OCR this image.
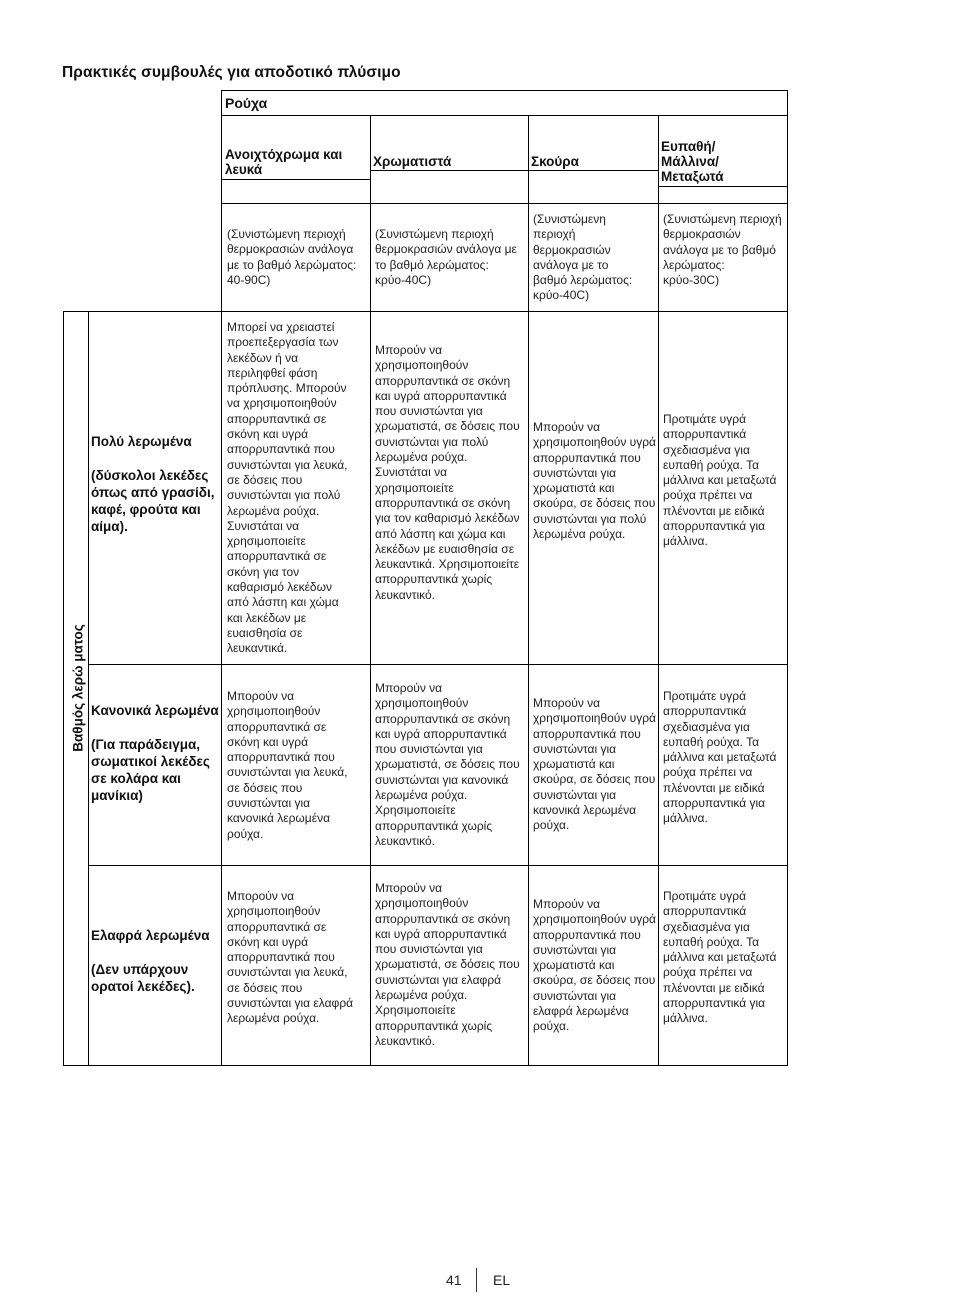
Πρακτικές συμβουλές για αποδοτικό πλύσιμο
Ρούχα
Ανοιχτόχρωμα και λευκά
Χρωματιστά	Σκούρα
Ευπαθή/ Μάλλινα/ Μεταξωτά
(Συνιστώμενη περιοχή θερμοκρασιών ανάλογα με το βαθμό λερώματος: 40-90C)
(Συνιστώμενη περιοχή θερμοκρασιών ανάλογα με το βαθμό λερώματος: κρύο-40C)
(Συνιστώμενη περιοχή θερμοκρασιών ανάλογα με το βαθμό λερώματος: κρύο-40C)
(Συνιστώμενη περιοχή θερμοκρασιών ανάλογα με το βαθμό λερώματος: κρύο-30C)
Βαθμός λερώ ματος
Πολύ λερωμένα
(δύσκολοι λεκέδες όπως από γρασίδι, καφέ, φρούτα και αίμα).
Μπορεί να χρειαστεί προεπεξεργασία των λεκέδων ή να περιληφθεί φάση πρόπλυσης. Μπορούν να χρησιμοποιηθούν απορρυπαντικά σε σκόνη και υγρά απορρυπαντικά που συνιστώνται για λευκά, σε δόσεις που συνιστώνται για πολύ λερωμένα ρούχα. Συνιστάται να χρησιμοποιείτε απορρυπαντικά σε σκόνη για τον καθαρισμό λεκέδων από λάσπη και χώμα και λεκέδων με ευαισθησία σε λευκαντικά.
Μπορούν να χρησιμοποιηθούν απορρυπαντικά σε σκόνη και υγρά απορρυπαντικά που συνιστώνται για χρωματιστά, σε δόσεις που συνιστώνται για πολύ λερωμένα ρούχα. Συνιστάται να χρησιμοποιείτε απορρυπαντικά σε σκόνη για τον καθαρισμό λεκέδων από λάσπη και χώμα και λεκέδων με ευαισθησία σε λευκαντικά. Χρησιμοποιείτε απορρυπαντικά χωρίς λευκαντικό.
Μπορούν να χρησιμοποιηθούν υγρά απορρυπαντικά που συνιστώνται για χρωματιστά και σκούρα, σε δόσεις που συνιστώνται για πολύ λερωμένα ρούχα.
Προτιμάτε υγρά απορρυπαντικά σχεδιασμένα για ευπαθή ρούχα. Τα μάλλινα και μεταξωτά ρούχα πρέπει να πλένονται με ειδικά απορρυπαντικά για μάλλινα.
Κανονικά λερωμένα
(Για παράδειγμα, σωματικοί λεκέδες σε κολάρα και μανίκια)
Μπορούν να χρησιμοποιηθούν απορρυπαντικά σε σκόνη και υγρά απορρυπαντικά που συνιστώνται για λευκά, σε δόσεις που συνιστώνται για κανονικά λερωμένα ρούχα.
Μπορούν να χρησιμοποιηθούν απορρυπαντικά σε σκόνη και υγρά απορρυπαντικά που συνιστώνται για χρωματιστά, σε δόσεις που συνιστώνται για κανονικά λερωμένα ρούχα. Χρησιμοποιείτε απορρυπαντικά χωρίς λευκαντικό.
Μπορούν να χρησιμοποιηθούν υγρά απορρυπαντικά που συνιστώνται για χρωματιστά και σκούρα, σε δόσεις που συνιστώνται για κανονικά λερωμένα ρούχα.
Προτιμάτε υγρά απορρυπαντικά σχεδιασμένα για ευπαθή ρούχα. Τα μάλλινα και μεταξωτά ρούχα πρέπει να πλένονται με ειδικά απορρυπαντικά για μάλλινα.
Ελαφρά λερωμένα
(Δεν υπάρχουν ορατοί λεκέδες).
Μπορούν να χρησιμοποιηθούν απορρυπαντικά σε σκόνη και υγρά απορρυπαντικά που συνιστώνται για λευκά, σε δόσεις που συνιστώνται για ελαφρά λερωμένα ρούχα.
Μπορούν να χρησιμοποιηθούν απορρυπαντικά σε σκόνη και υγρά απορρυπαντικά που συνιστώνται για χρωματιστά, σε δόσεις που συνιστώνται για ελαφρά λερωμένα ρούχα. Χρησιμοποιείτε απορρυπαντικά χωρίς λευκαντικό.
Μπορούν να χρησιμοποιηθούν υγρά απορρυπαντικά που συνιστώνται για χρωματιστά και σκούρα, σε δόσεις που συνιστώνται για ελαφρά λερωμένα ρούχα.
Προτιμάτε υγρά απορρυπαντικά σχεδιασμένα για ευπαθή ρούχα. Τα μάλλινα και μεταξωτά ρούχα πρέπει να πλένονται με ειδικά απορρυπαντικά για μάλλινα.
41 EL
